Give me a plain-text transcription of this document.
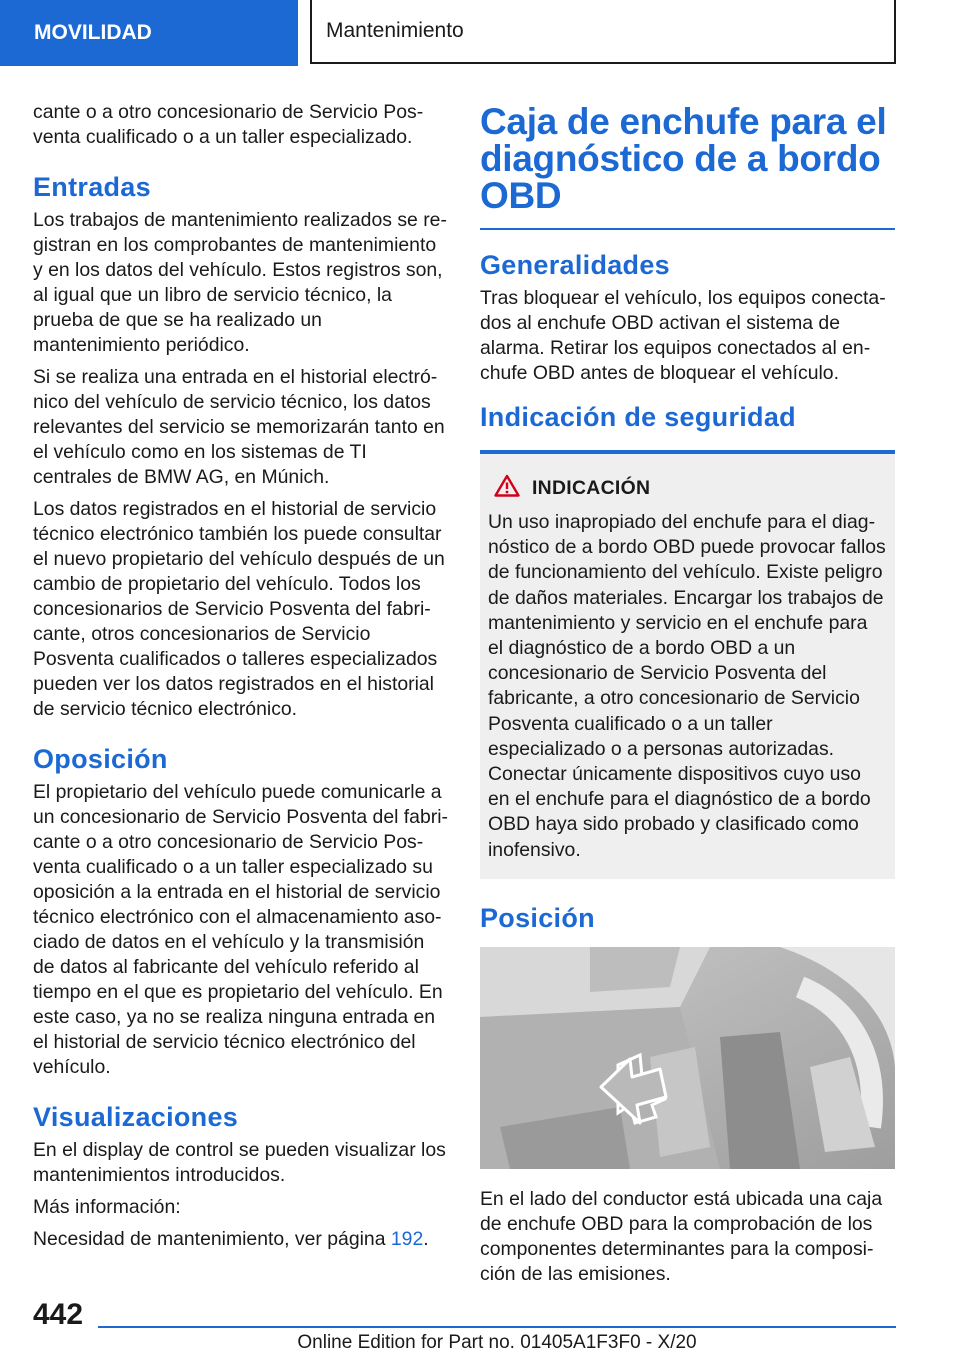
MOVILIDAD	Mantenimiento

cante o a otro concesionario de Servicio Posventa cualificado o a un taller especializado.

Entradas

Los trabajos de mantenimiento realizados se registran en los comprobantes de mantenimiento y en los datos del vehículo. Estos registros son, al igual que un libro de servicio técnico, la prueba de que se ha realizado un mantenimiento periódico.

Si se realiza una entrada en el historial electrónico del vehículo de servicio técnico, los datos relevantes del servicio se memorizarán tanto en el vehículo como en los sistemas de TI centrales de BMW AG, en Múnich.

Los datos registrados en el historial de servicio técnico electrónico también los puede consultar el nuevo propietario del vehículo después de un cambio de propietario del vehículo. Todos los concesionarios de Servicio Posventa del fabricante, otros concesionarios de Servicio Posventa cualificados o talleres especializados pueden ver los datos registrados en el historial de servicio técnico electrónico.

Oposición

El propietario del vehículo puede comunicarle a un concesionario de Servicio Posventa del fabricante o a otro concesionario de Servicio Posventa cualificado o a un taller especializado su oposición a la entrada en el historial de servicio técnico electrónico con el almacenamiento asociado de datos en el vehículo y la transmisión de datos al fabricante del vehículo referido al tiempo en el que es propietario del vehículo. En este caso, ya no se realiza ninguna entrada en el historial de servicio técnico electrónico del vehículo.

Visualizaciones

En el display de control se pueden visualizar los mantenimientos introducidos.

Más información:

Necesidad de mantenimiento, ver página 192.

Caja de enchufe para el diagnóstico de a bordo OBD
Generalidades

Tras bloquear el vehículo, los equipos conectados al enchufe OBD activan el sistema de alarma. Retirar los equipos conectados al enchufe OBD antes de bloquear el vehículo.

Indicación de seguridad
INDICACIÓN

Un uso inapropiado del enchufe para el diagnóstico de a bordo OBD puede provocar fallos de funcionamiento del vehículo. Existe peligro de daños materiales. Encargar los trabajos de mantenimiento y servicio en el enchufe para el diagnóstico de a bordo OBD a un concesionario de Servicio Posventa del fabricante, a otro concesionario de Servicio Posventa cualificado o a un taller especializado o a personas autorizadas. Conectar únicamente dispositivos cuyo uso en el enchufe para el diagnóstico de a bordo OBD haya sido probado y clasificado como inofensivo.

Posición

En el lado del conductor está ubicada una caja de enchufe OBD para la comprobación de los componentes determinantes para la composición de las emisiones.

442
Online Edition for Part no. 01405A1F3F0 - X/20
